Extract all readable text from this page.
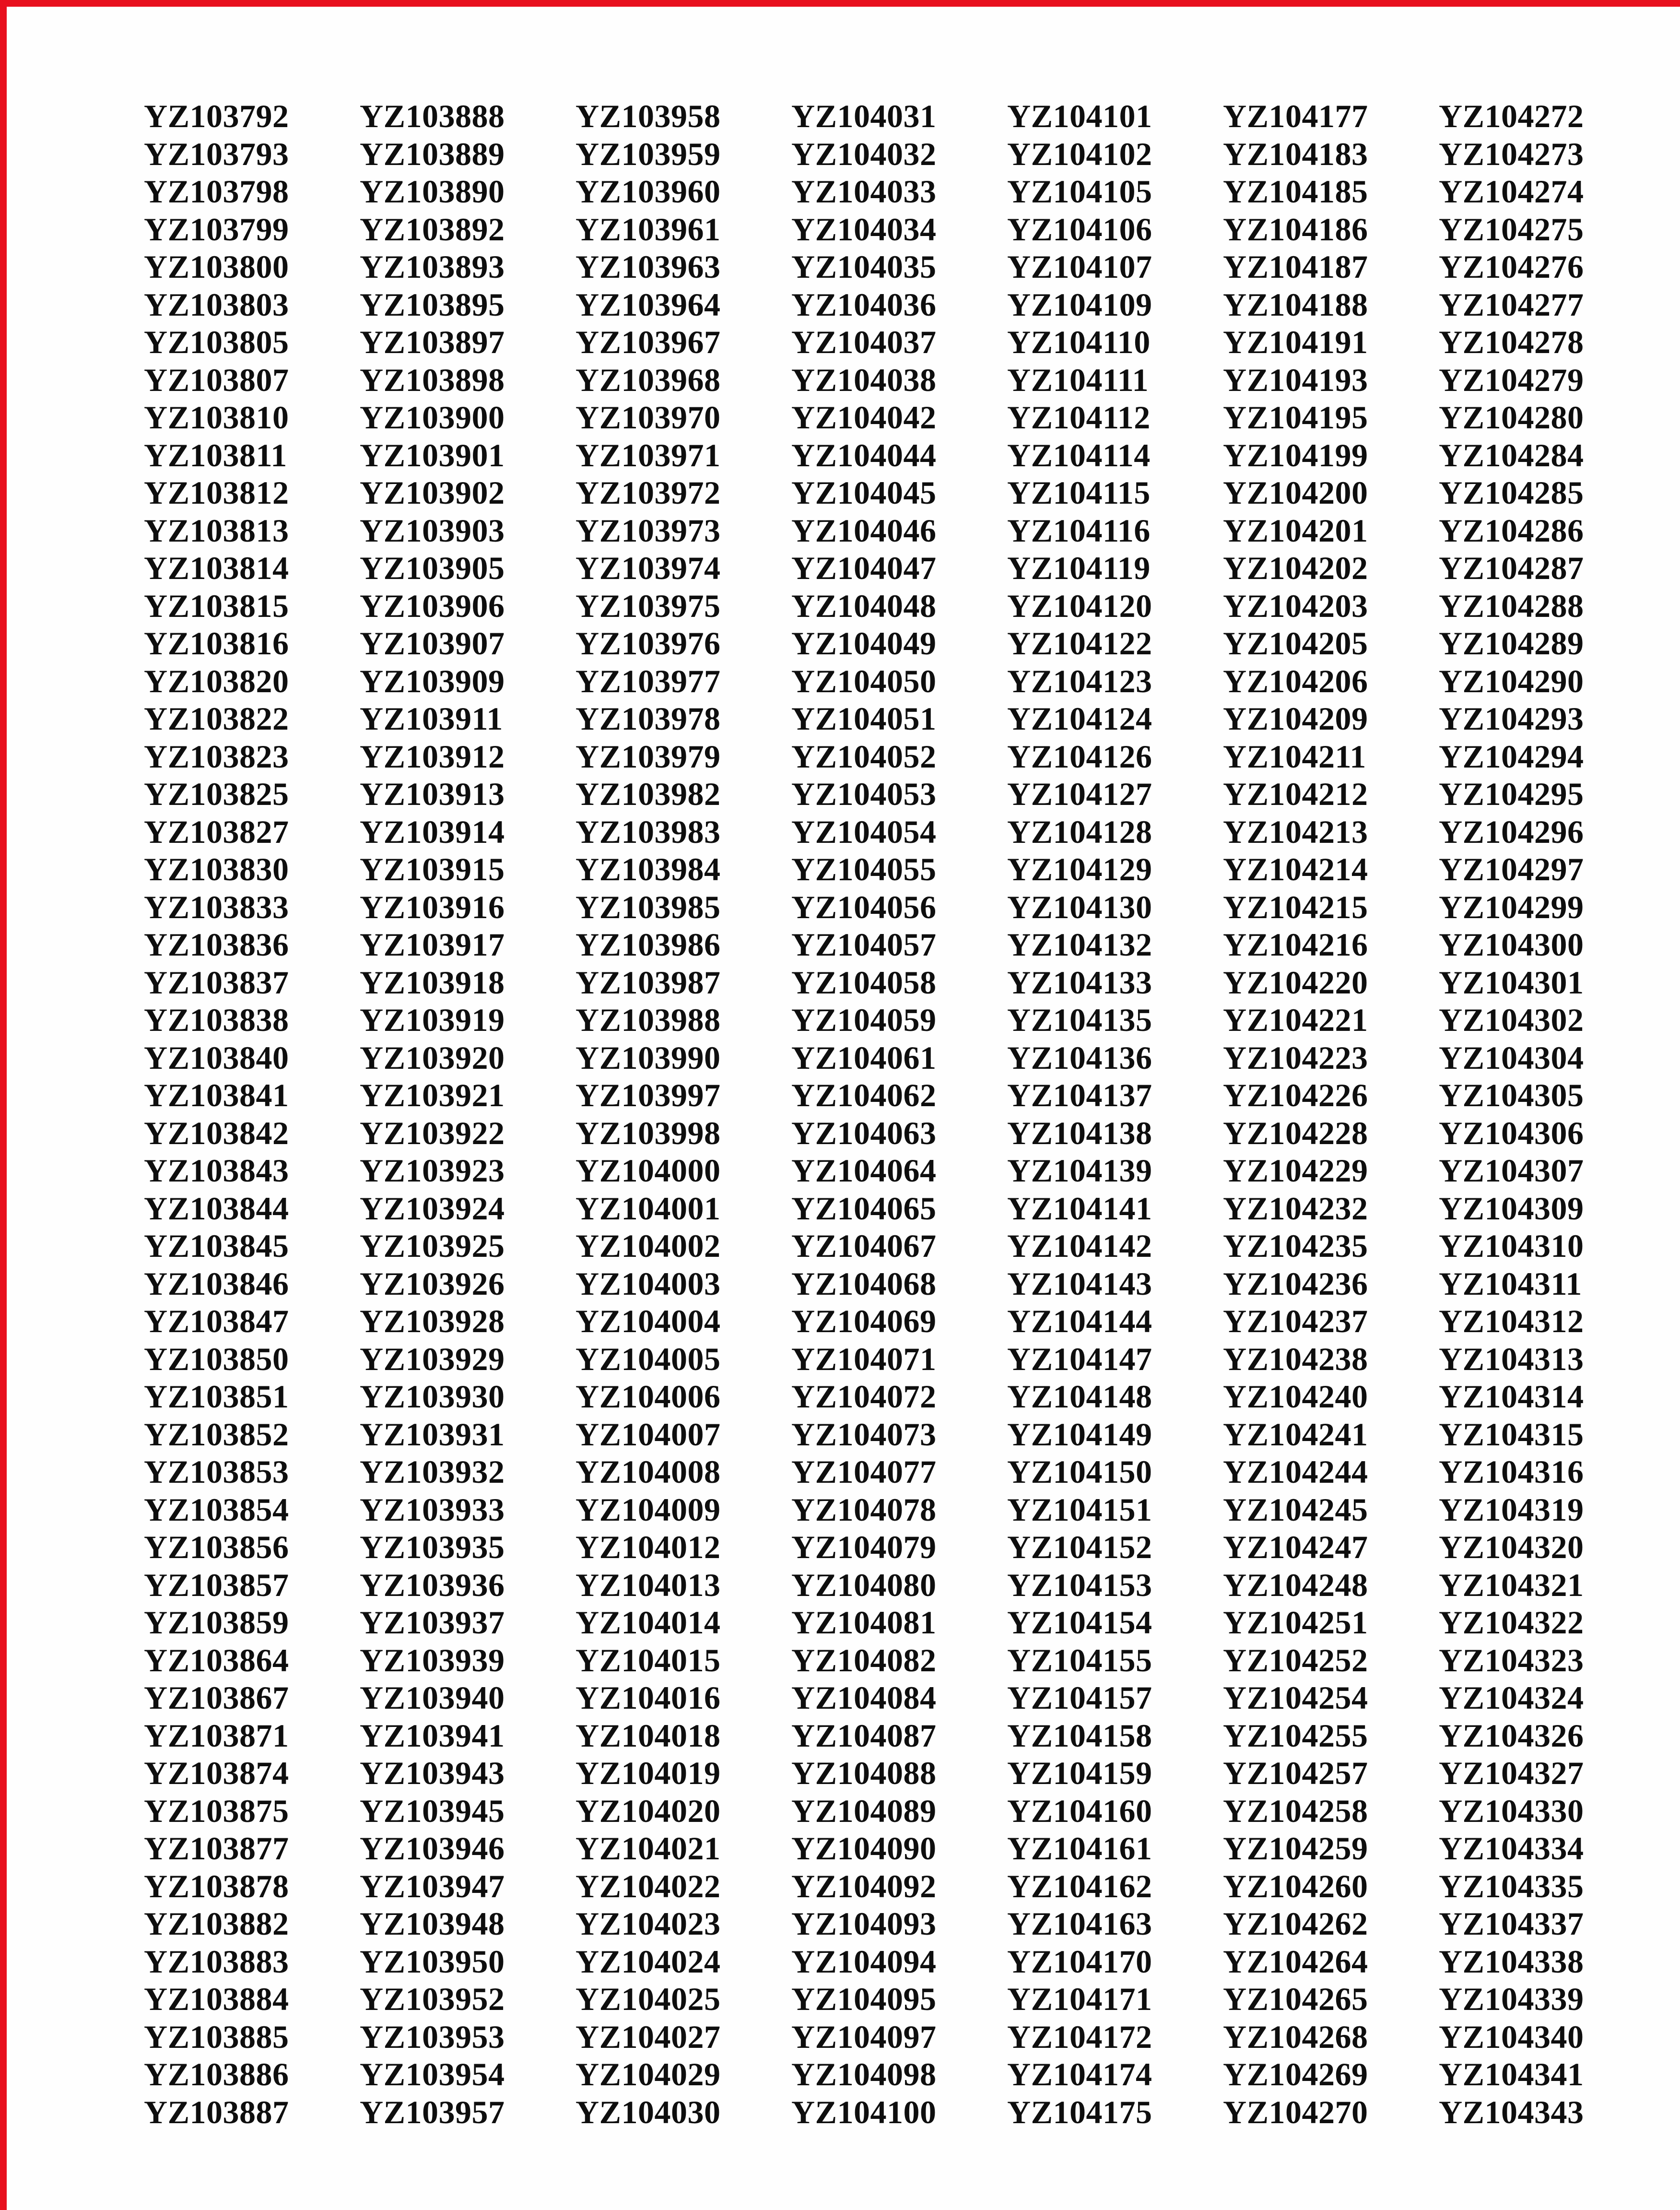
YZ103792
YZ103793
YZ103798
YZ103799
YZ103800
YZ103803
YZ103805
YZ103807
YZ103810
YZ103811
YZ103812
YZ103813
YZ103814
YZ103815
YZ103816
YZ103820
YZ103822
YZ103823
YZ103825
YZ103827
YZ103830
YZ103833
YZ103836
YZ103837
YZ103838
YZ103840
YZ103841
YZ103842
YZ103843
YZ103844
YZ103845
YZ103846
YZ103847
YZ103850
YZ103851
YZ103852
YZ103853
YZ103854
YZ103856
YZ103857
YZ103859
YZ103864
YZ103867
YZ103871
YZ103874
YZ103875
YZ103877
YZ103878
YZ103882
YZ103883
YZ103884
YZ103885
YZ103886
YZ103887
YZ103888
YZ103889
YZ103890
YZ103892
YZ103893
YZ103895
YZ103897
YZ103898
YZ103900
YZ103901
YZ103902
YZ103903
YZ103905
YZ103906
YZ103907
YZ103909
YZ103911
YZ103912
YZ103913
YZ103914
YZ103915
YZ103916
YZ103917
YZ103918
YZ103919
YZ103920
YZ103921
YZ103922
YZ103923
YZ103924
YZ103925
YZ103926
YZ103928
YZ103929
YZ103930
YZ103931
YZ103932
YZ103933
YZ103935
YZ103936
YZ103937
YZ103939
YZ103940
YZ103941
YZ103943
YZ103945
YZ103946
YZ103947
YZ103948
YZ103950
YZ103952
YZ103953
YZ103954
YZ103957
YZ103958
YZ103959
YZ103960
YZ103961
YZ103963
YZ103964
YZ103967
YZ103968
YZ103970
YZ103971
YZ103972
YZ103973
YZ103974
YZ103975
YZ103976
YZ103977
YZ103978
YZ103979
YZ103982
YZ103983
YZ103984
YZ103985
YZ103986
YZ103987
YZ103988
YZ103990
YZ103997
YZ103998
YZ104000
YZ104001
YZ104002
YZ104003
YZ104004
YZ104005
YZ104006
YZ104007
YZ104008
YZ104009
YZ104012
YZ104013
YZ104014
YZ104015
YZ104016
YZ104018
YZ104019
YZ104020
YZ104021
YZ104022
YZ104023
YZ104024
YZ104025
YZ104027
YZ104029
YZ104030
YZ104031
YZ104032
YZ104033
YZ104034
YZ104035
YZ104036
YZ104037
YZ104038
YZ104042
YZ104044
YZ104045
YZ104046
YZ104047
YZ104048
YZ104049
YZ104050
YZ104051
YZ104052
YZ104053
YZ104054
YZ104055
YZ104056
YZ104057
YZ104058
YZ104059
YZ104061
YZ104062
YZ104063
YZ104064
YZ104065
YZ104067
YZ104068
YZ104069
YZ104071
YZ104072
YZ104073
YZ104077
YZ104078
YZ104079
YZ104080
YZ104081
YZ104082
YZ104084
YZ104087
YZ104088
YZ104089
YZ104090
YZ104092
YZ104093
YZ104094
YZ104095
YZ104097
YZ104098
YZ104100
YZ104101
YZ104102
YZ104105
YZ104106
YZ104107
YZ104109
YZ104110
YZ104111
YZ104112
YZ104114
YZ104115
YZ104116
YZ104119
YZ104120
YZ104122
YZ104123
YZ104124
YZ104126
YZ104127
YZ104128
YZ104129
YZ104130
YZ104132
YZ104133
YZ104135
YZ104136
YZ104137
YZ104138
YZ104139
YZ104141
YZ104142
YZ104143
YZ104144
YZ104147
YZ104148
YZ104149
YZ104150
YZ104151
YZ104152
YZ104153
YZ104154
YZ104155
YZ104157
YZ104158
YZ104159
YZ104160
YZ104161
YZ104162
YZ104163
YZ104170
YZ104171
YZ104172
YZ104174
YZ104175
YZ104177
YZ104183
YZ104185
YZ104186
YZ104187
YZ104188
YZ104191
YZ104193
YZ104195
YZ104199
YZ104200
YZ104201
YZ104202
YZ104203
YZ104205
YZ104206
YZ104209
YZ104211
YZ104212
YZ104213
YZ104214
YZ104215
YZ104216
YZ104220
YZ104221
YZ104223
YZ104226
YZ104228
YZ104229
YZ104232
YZ104235
YZ104236
YZ104237
YZ104238
YZ104240
YZ104241
YZ104244
YZ104245
YZ104247
YZ104248
YZ104251
YZ104252
YZ104254
YZ104255
YZ104257
YZ104258
YZ104259
YZ104260
YZ104262
YZ104264
YZ104265
YZ104268
YZ104269
YZ104270
YZ104272
YZ104273
YZ104274
YZ104275
YZ104276
YZ104277
YZ104278
YZ104279
YZ104280
YZ104284
YZ104285
YZ104286
YZ104287
YZ104288
YZ104289
YZ104290
YZ104293
YZ104294
YZ104295
YZ104296
YZ104297
YZ104299
YZ104300
YZ104301
YZ104302
YZ104304
YZ104305
YZ104306
YZ104307
YZ104309
YZ104310
YZ104311
YZ104312
YZ104313
YZ104314
YZ104315
YZ104316
YZ104319
YZ104320
YZ104321
YZ104322
YZ104323
YZ104324
YZ104326
YZ104327
YZ104330
YZ104334
YZ104335
YZ104337
YZ104338
YZ104339
YZ104340
YZ104341
YZ104343
